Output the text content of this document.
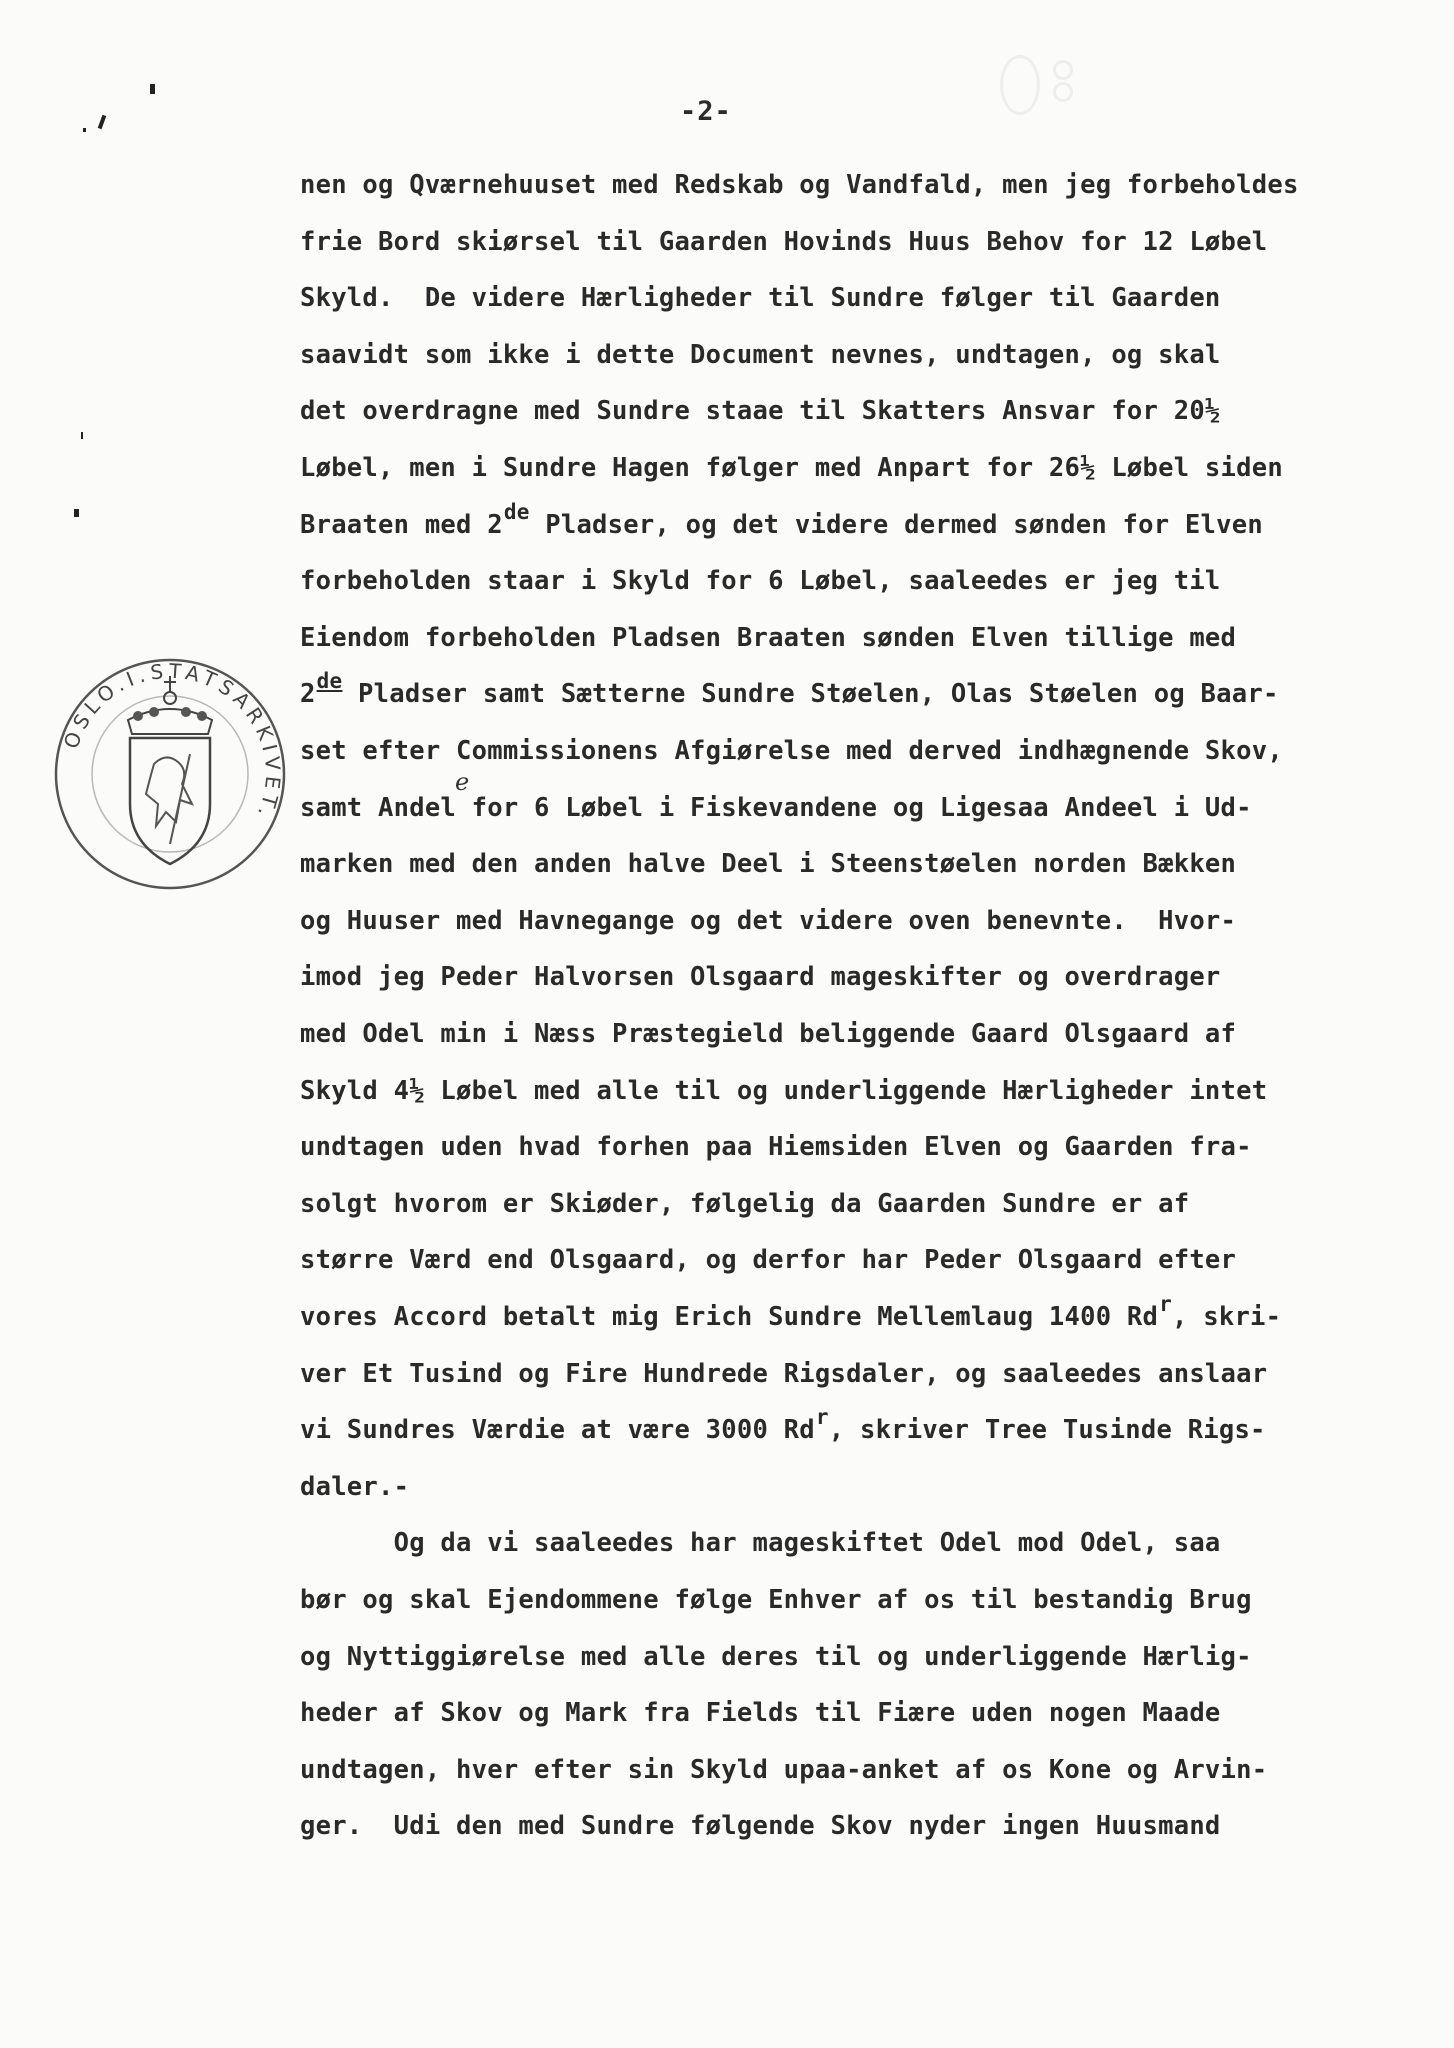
-2-
OSLO.I.STATSARKIVET.
e
nen og Qværnehuuset med Redskab og Vandfald, men jeg forbeholdes
frie Bord skiørsel til Gaarden Hovinds Huus Behov for 12 Løbel
Skyld.  De videre Hærligheder til Sundre følger til Gaarden
saavidt som ikke i dette Document nevnes, undtagen, og skal
det overdragne med Sundre staae til Skatters Ansvar for 20½
Løbel, men i Sundre Hagen følger med Anpart for 26½ Løbel siden
Braaten med 2de Pladser, og det videre dermed sønden for Elven
forbeholden staar i Skyld for 6 Løbel, saaleedes er jeg til
Eiendom forbeholden Pladsen Braaten sønden Elven tillige med
2de Pladser samt Sætterne Sundre Støelen, Olas Støelen og Baar-
set efter Commissionens Afgiørelse med derved indhægnende Skov,
samt Andel for 6 Løbel i Fiskevandene og Ligesaa Andeel i Ud-
marken med den anden halve Deel i Steenstøelen norden Bækken
og Huuser med Havnegange og det videre oven benevnte.  Hvor-
imod jeg Peder Halvorsen Olsgaard mageskifter og overdrager
med Odel min i Næss Præstegield beliggende Gaard Olsgaard af
Skyld 4½ Løbel med alle til og underliggende Hærligheder intet
undtagen uden hvad forhen paa Hiemsiden Elven og Gaarden fra-
solgt hvorom er Skiøder, følgelig da Gaarden Sundre er af
større Værd end Olsgaard, og derfor har Peder Olsgaard efter
vores Accord betalt mig Erich Sundre Mellemlaug 1400 Rd$^r$, skri-
ver Et Tusind og Fire Hundrede Rigsdaler, og saaleedes anslaar
vi Sundres Værdie at være 3000 Rd$^r$, skriver Tree Tusinde Rigs-
daler.-
Og da vi saaleedes har mageskiftet Odel mod Odel, saa
bør og skal Ejendommene følge Enhver af os til bestandig Brug
og Nyttiggiørelse med alle deres til og underliggende Hærlig-
heder af Skov og Mark fra Fields til Fiære uden nogen Maade
undtagen, hver efter sin Skyld upaa-anket af os Kone og Arvin-
ger.  Udi den med Sundre følgende Skov nyder ingen Huusmand
